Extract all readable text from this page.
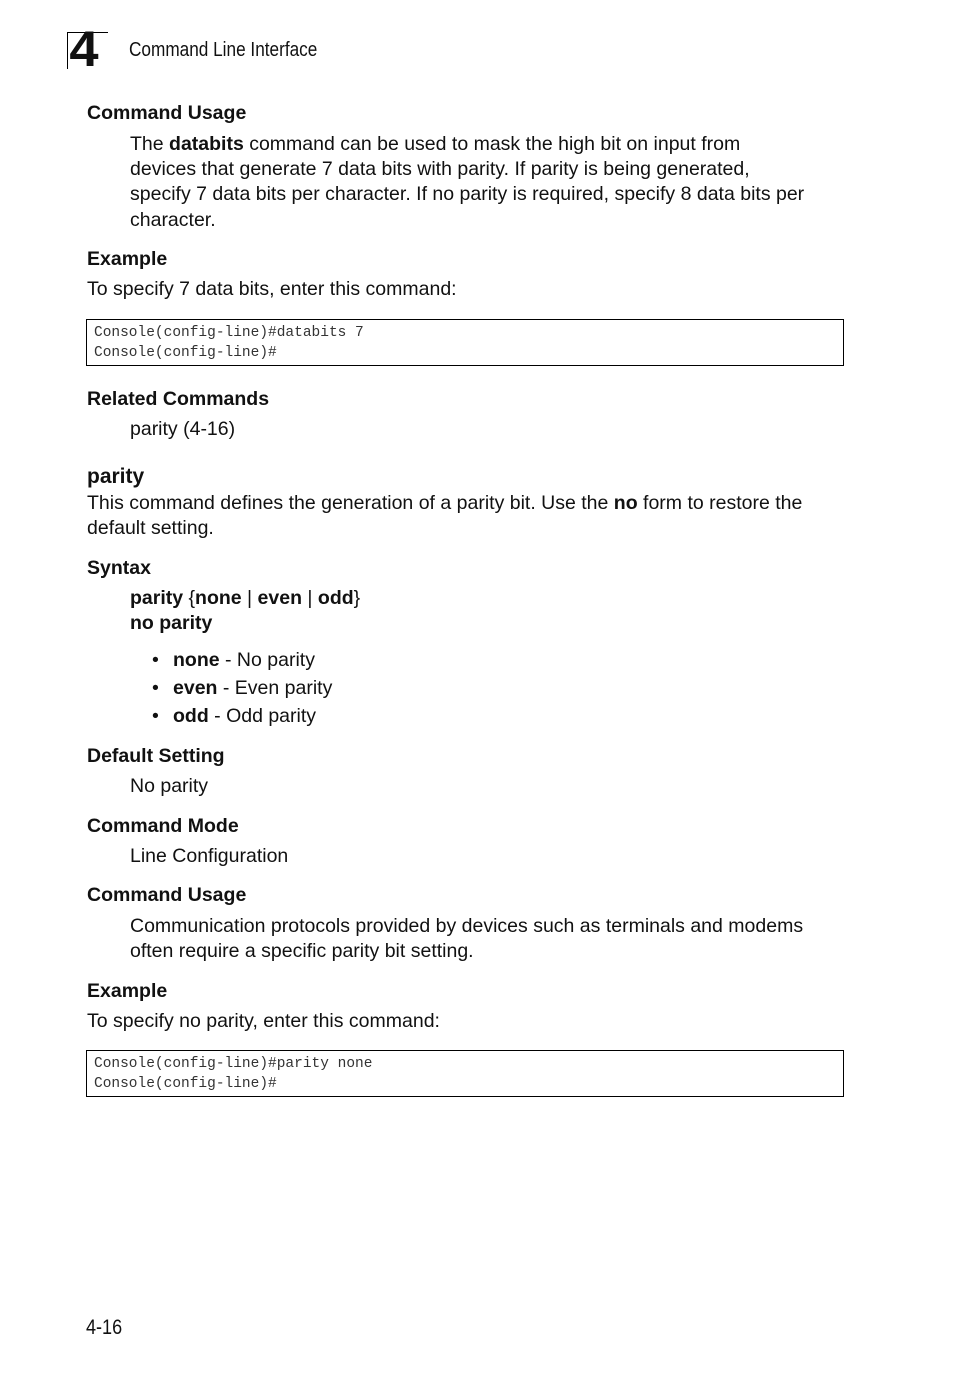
4 Command Line Interface
Command Usage
The databits command can be used to mask the high bit on input from
devices that generate 7 data bits with parity. If parity is being generated,
specify 7 data bits per character. If no parity is required, specify 8 data bits per
character.
Example
To specify 7 data bits, enter this command:
Console(config-line)#databits 7
Console(config-line)#
Related Commands
parity (4-16)
parity
This command defines the generation of a parity bit. Use the no form to restore the
default setting.
Syntax
parity {none | even | odd}
no parity
• none - No parity
• even - Even parity
• odd - Odd parity
Default Setting
No parity
Command Mode
Line Configuration
Command Usage
Communication protocols provided by devices such as terminals and modems
often require a specific parity bit setting.
Example
To specify no parity, enter this command:
Console(config-line)#parity none
Console(config-line)#
4-16
